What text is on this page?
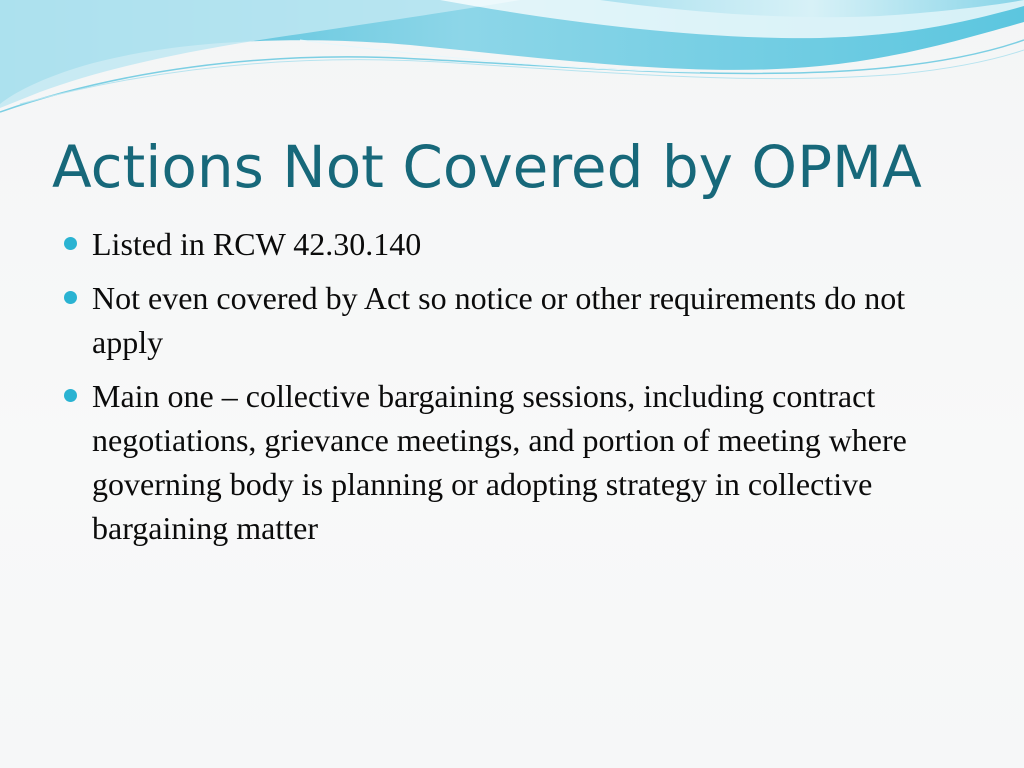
Actions Not Covered by OPMA
Listed in RCW 42.30.140
Not even covered by Act so notice or other requirements do not apply
Main one – collective bargaining sessions, including contract negotiations, grievance meetings, and portion of meeting where governing body is planning or adopting strategy in collective bargaining matter
